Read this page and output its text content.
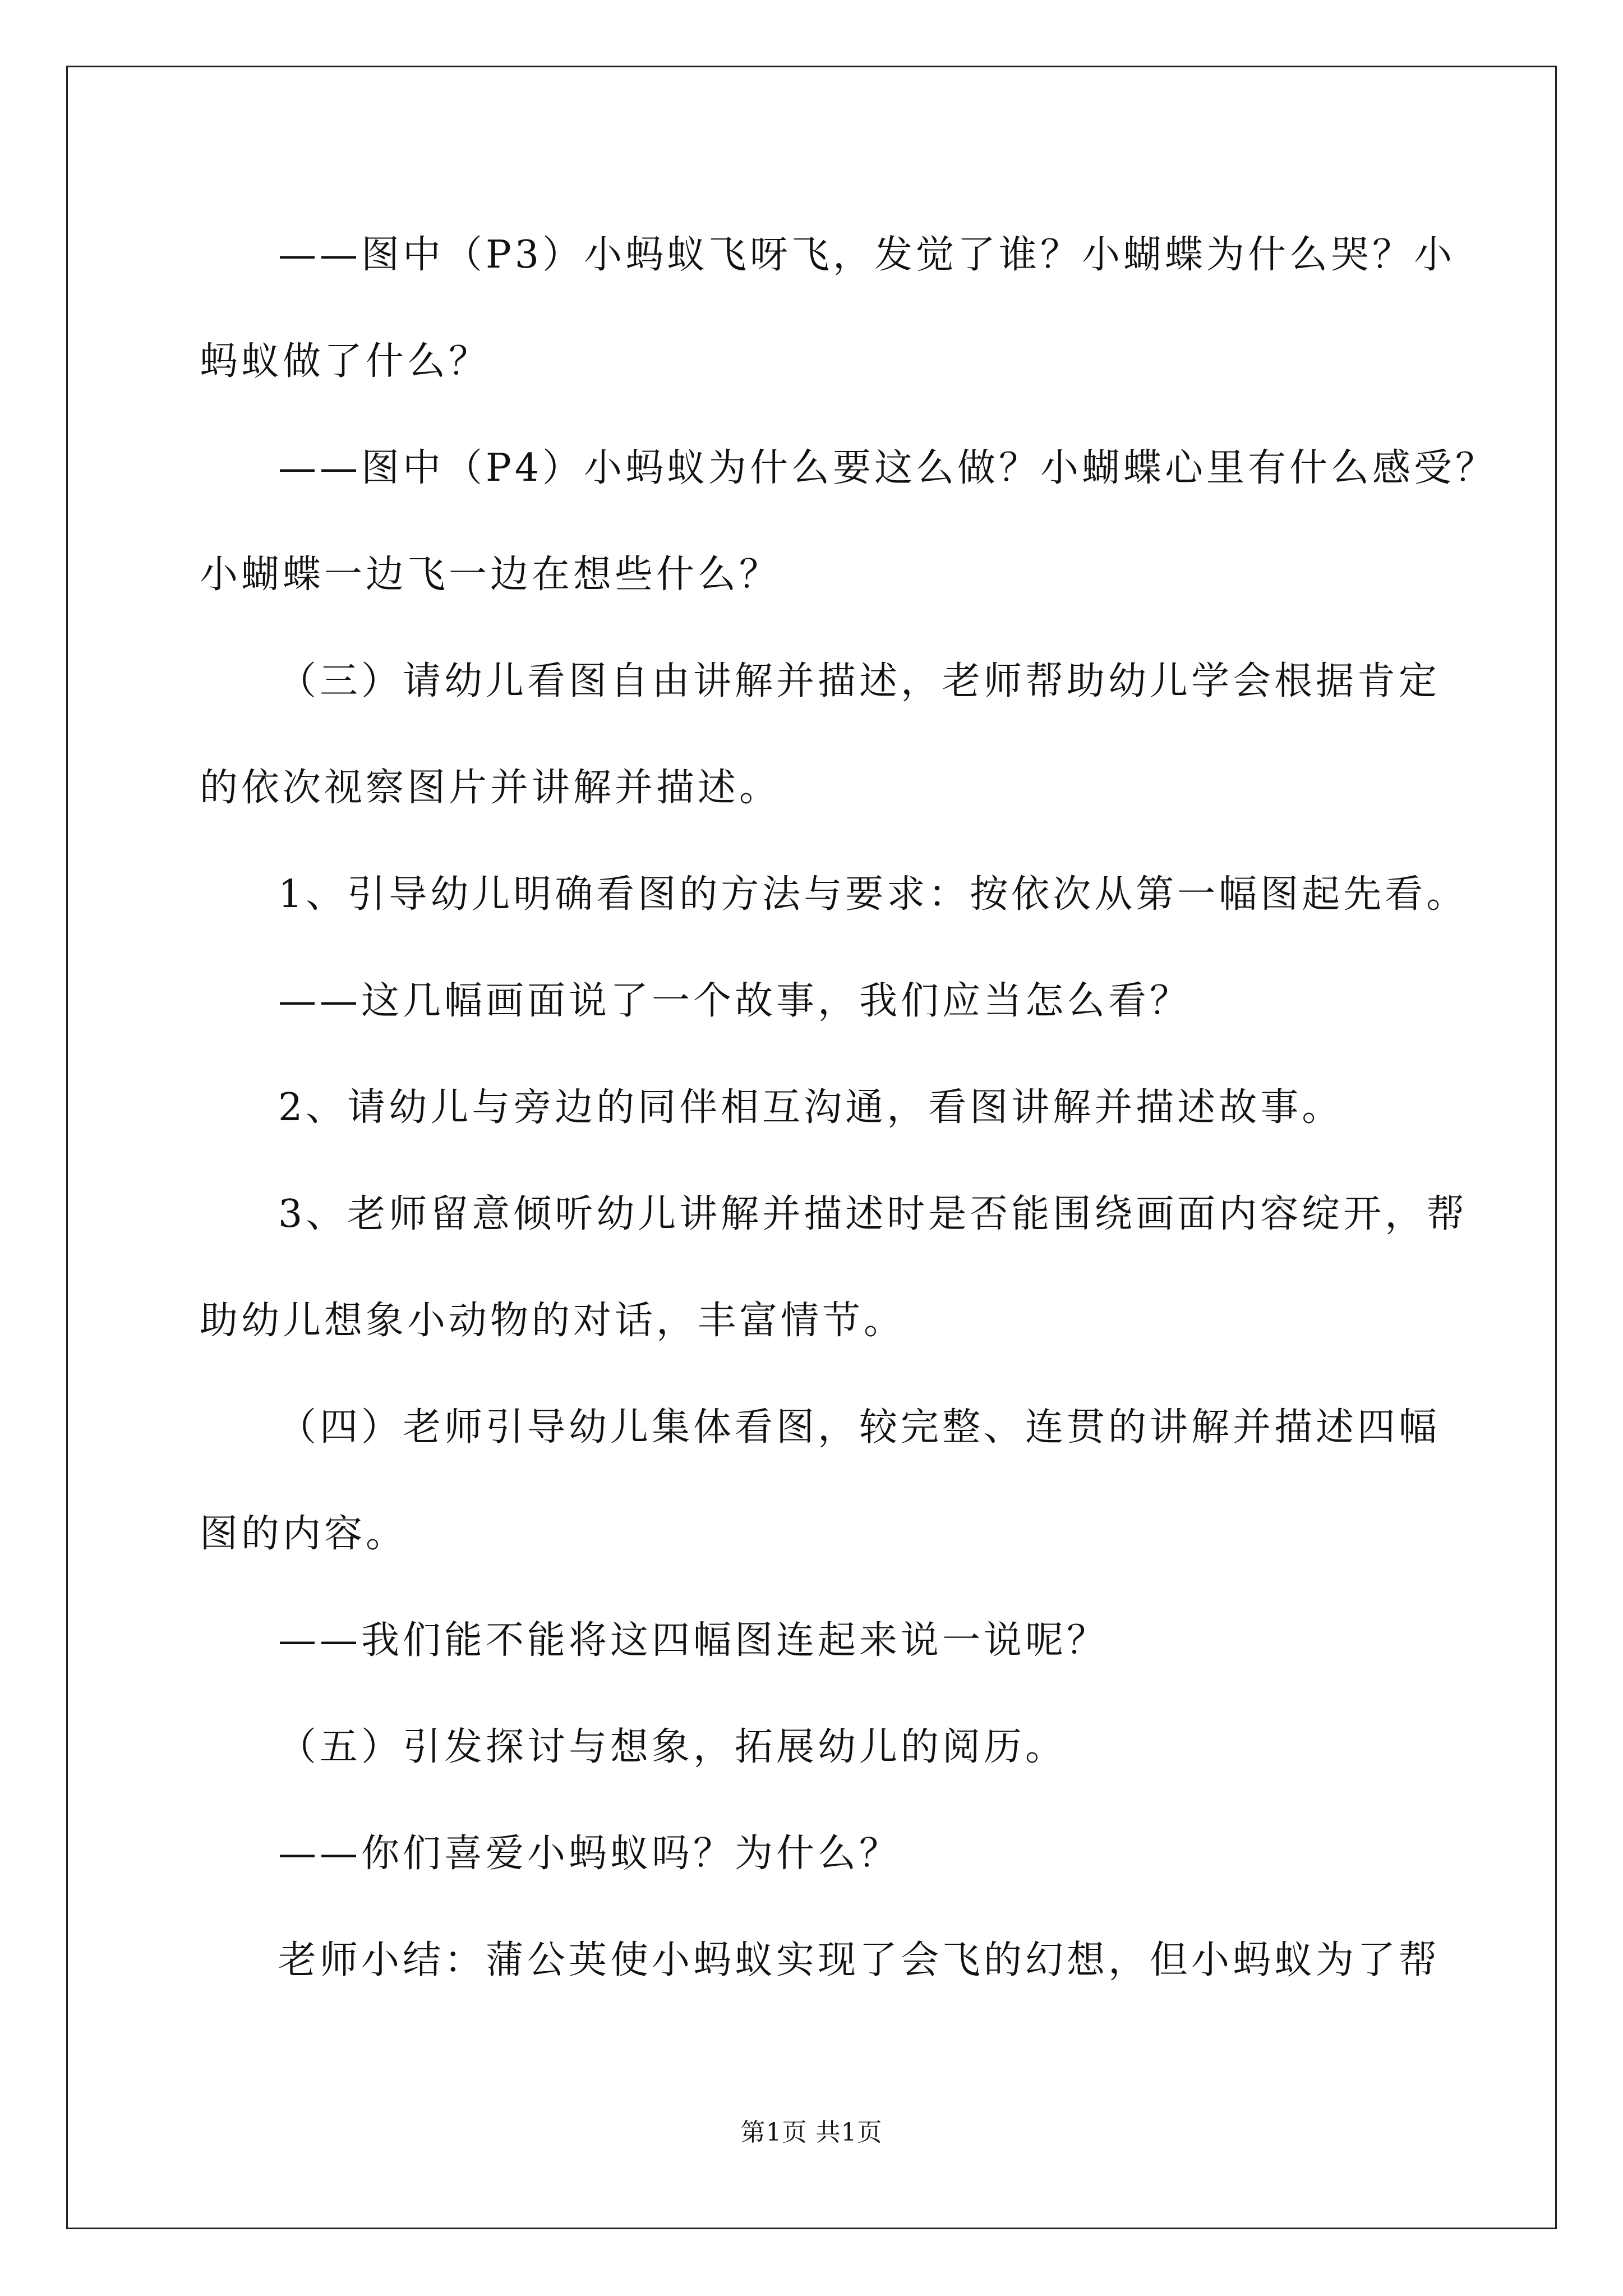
——图中（P3）小蚂蚁飞呀飞，发觉了谁？小蝴蝶为什么哭？小

蚂蚁做了什么？

——图中（P4）小蚂蚁为什么要这么做？小蝴蝶心里有什么感受？

小蝴蝶一边飞一边在想些什么？

（三）请幼儿看图自由讲解并描述，老师帮助幼儿学会根据肯定

的依次视察图片并讲解并描述。

1、引导幼儿明确看图的方法与要求：按依次从第一幅图起先看。

——这几幅画面说了一个故事，我们应当怎么看？

2、请幼儿与旁边的同伴相互沟通，看图讲解并描述故事。

3、老师留意倾听幼儿讲解并描述时是否能围绕画面内容绽开，帮

助幼儿想象小动物的对话，丰富情节。

（四）老师引导幼儿集体看图，较完整、连贯的讲解并描述四幅

图的内容。

——我们能不能将这四幅图连起来说一说呢？

（五）引发探讨与想象，拓展幼儿的阅历。

——你们喜爱小蚂蚁吗？为什么？

老师小结：蒲公英使小蚂蚁实现了会飞的幻想，但小蚂蚁为了帮

第1页 共1页
